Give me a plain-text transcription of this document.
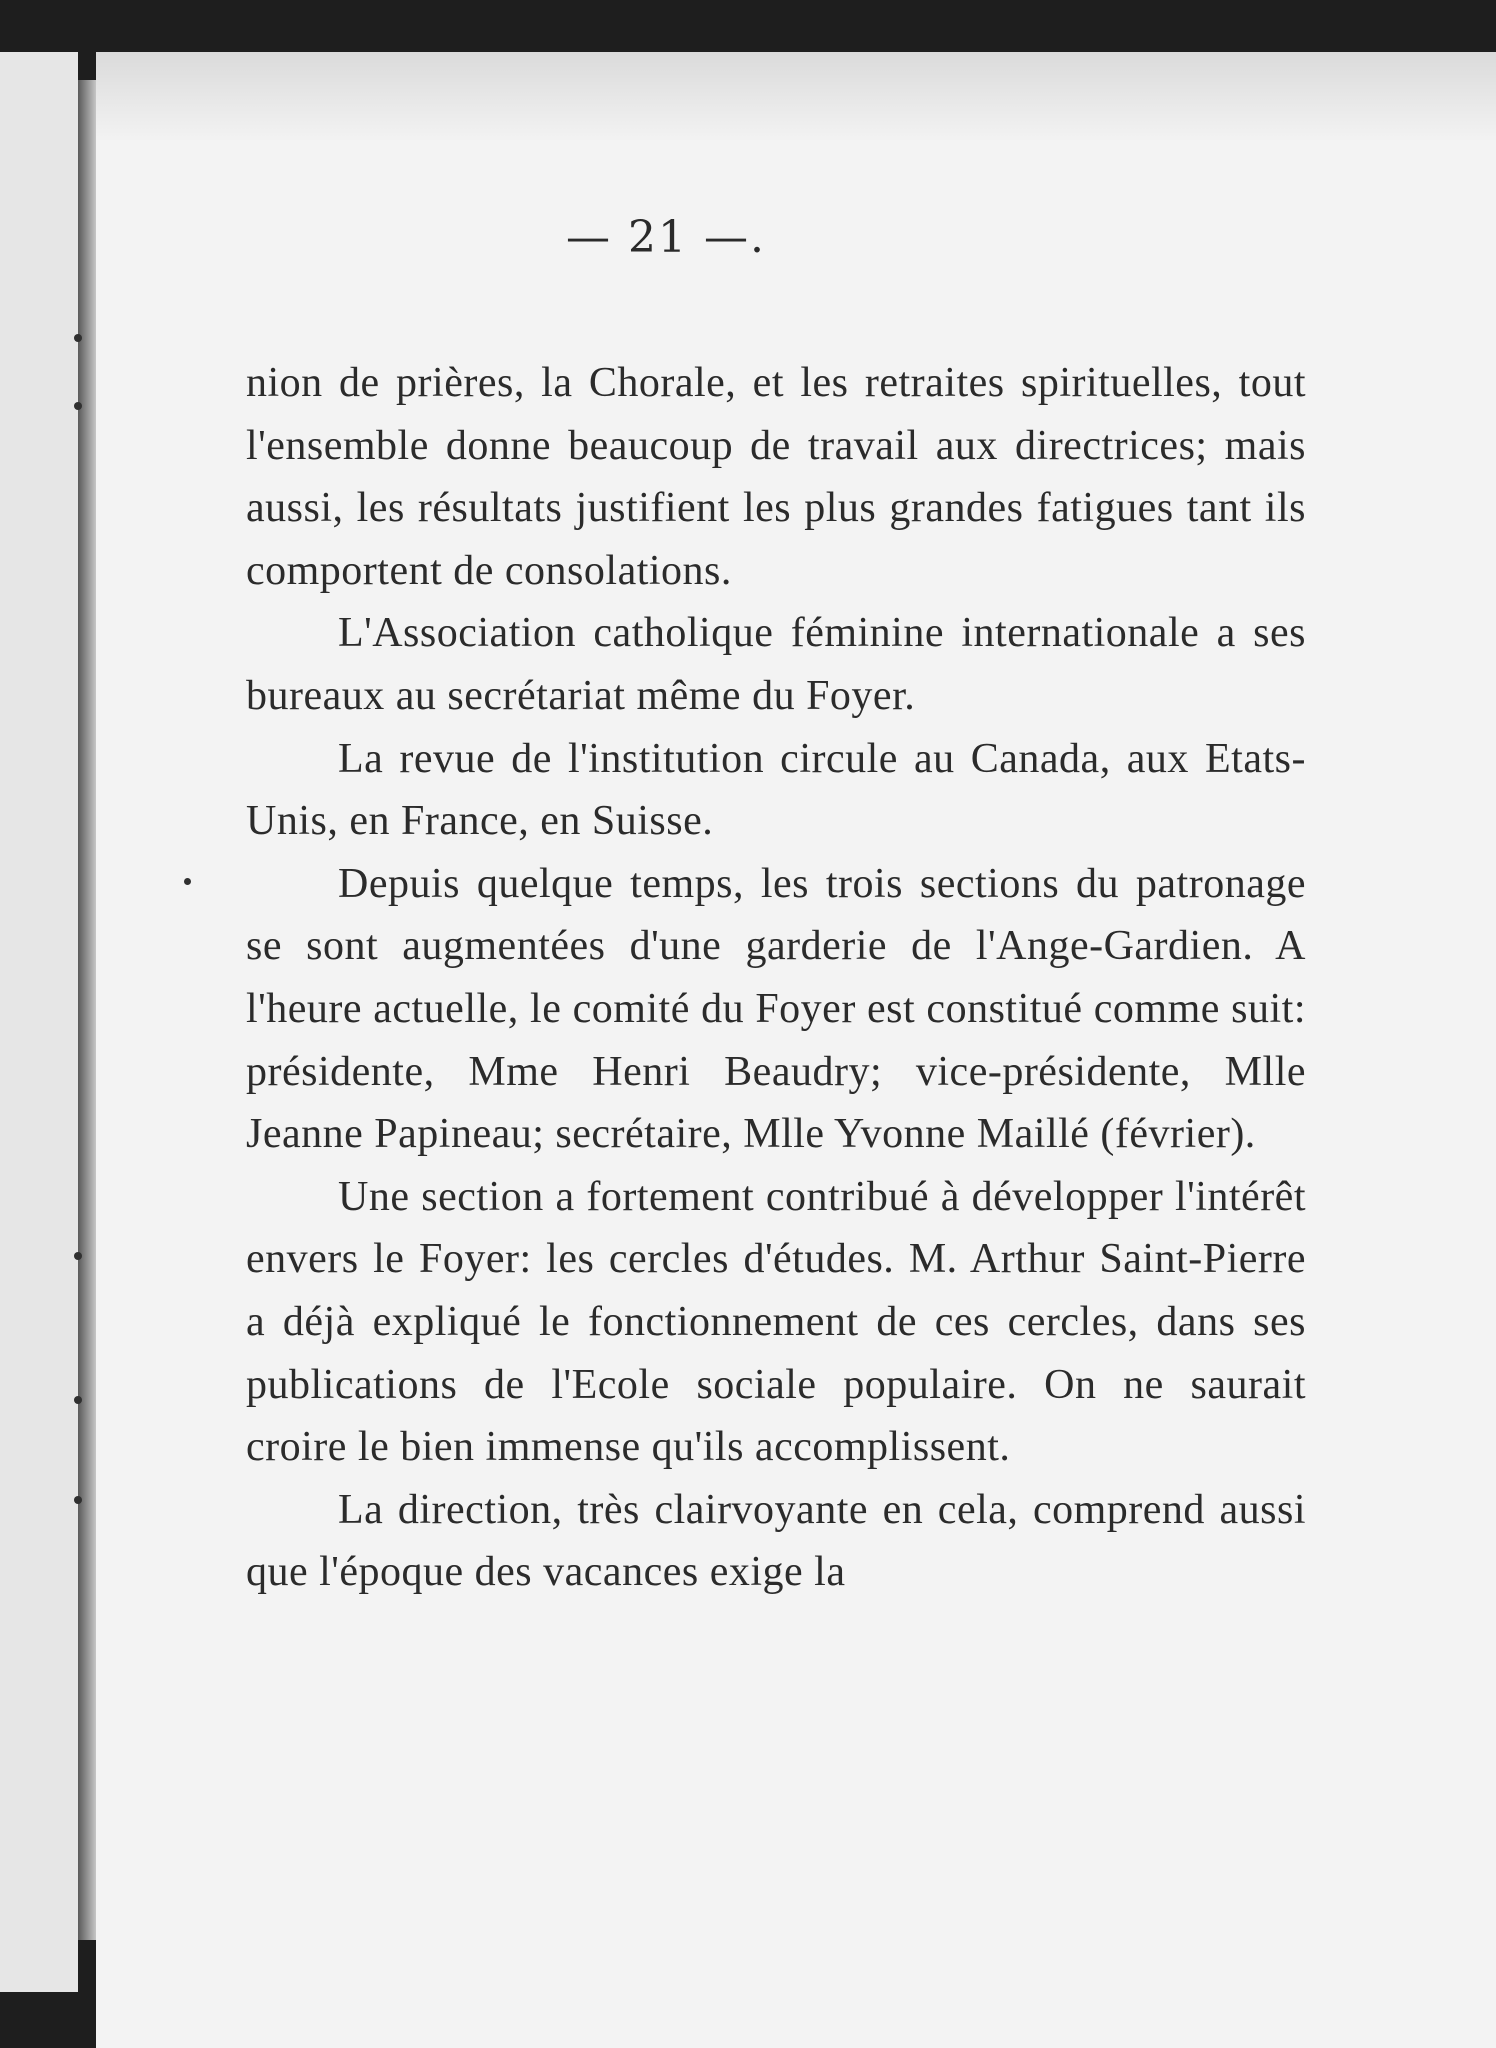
— 21 —.

nion de prières, la Chorale, et les retraites spirituelles, tout l'ensemble donne beaucoup de travail aux directrices; mais aussi, les résultats justifient les plus grandes fatigues tant ils comportent de consolations.

L'Association catholique féminine internationale a ses bureaux au secrétariat même du Foyer.

La revue de l'institution circule au Canada, aux Etats-Unis, en France, en Suisse.

Depuis quelque temps, les trois sections du patronage se sont augmentées d'une garderie de l'Ange-Gardien. A l'heure actuelle, le comité du Foyer est constitué comme suit: présidente, Mme Henri Beaudry; vice-présidente, Mlle Jeanne Papineau; secrétaire, Mlle Yvonne Maillé (février).

Une section a fortement contribué à développer l'intérêt envers le Foyer: les cercles d'études. M. Arthur Saint-Pierre a déjà expliqué le fonctionnement de ces cercles, dans ses publications de l'Ecole sociale populaire. On ne saurait croire le bien immense qu'ils accomplissent.

La direction, très clairvoyante en cela, comprend aussi que l'époque des vacances exige la
